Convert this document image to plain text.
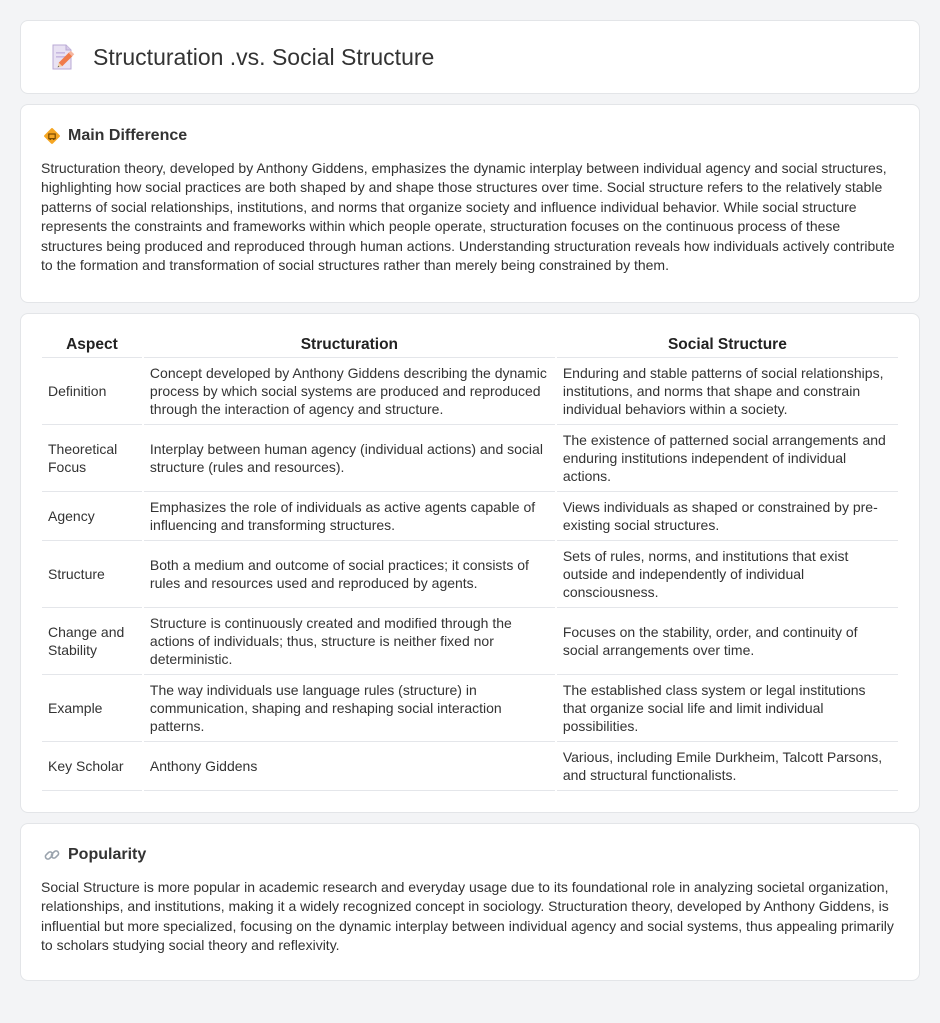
Structuration .vs. Social Structure
Main Difference

Structuration theory, developed by Anthony Giddens, emphasizes the dynamic interplay between individual agency and social structures, highlighting how social practices are both shaped by and shape those structures over time. Social structure refers to the relatively stable patterns of social relationships, institutions, and norms that organize society and influence individual behavior. While social structure represents the constraints and frameworks within which people operate, structuration focuses on the continuous process of these structures being produced and reproduced through human actions. Understanding structuration reveals how individuals actively contribute to the formation and transformation of social structures rather than merely being constrained by them.

Aspect	Structuration	Social Structure
Definition	Concept developed by Anthony Giddens describing the dynamic process by which social systems are produced and reproduced through the interaction of agency and structure.	Enduring and stable patterns of social relationships, institutions, and norms that shape and constrain individual behaviors within a society.
Theoretical Focus	Interplay between human agency (individual actions) and social structure (rules and resources).	The existence of patterned social arrangements and enduring institutions independent of individual actions.
Agency	Emphasizes the role of individuals as active agents capable of influencing and transforming structures.	Views individuals as shaped or constrained by pre-existing social structures.
Structure	Both a medium and outcome of social practices; it consists of rules and resources used and reproduced by agents.	Sets of rules, norms, and institutions that exist outside and independently of individual consciousness.
Change and Stability	Structure is continuously created and modified through the actions of individuals; thus, structure is neither fixed nor deterministic.	Focuses on the stability, order, and continuity of social arrangements over time.
Example	The way individuals use language rules (structure) in communication, shaping and reshaping social interaction patterns.	The established class system or legal institutions that organize social life and limit individual possibilities.
Key Scholar	Anthony Giddens	Various, including Emile Durkheim, Talcott Parsons, and structural functionalists.
Popularity

Social Structure is more popular in academic research and everyday usage due to its foundational role in analyzing societal organization, relationships, and institutions, making it a widely recognized concept in sociology. Structuration theory, developed by Anthony Giddens, is influential but more specialized, focusing on the dynamic interplay between individual agency and social systems, thus appealing primarily to scholars studying social theory and reflexivity.
